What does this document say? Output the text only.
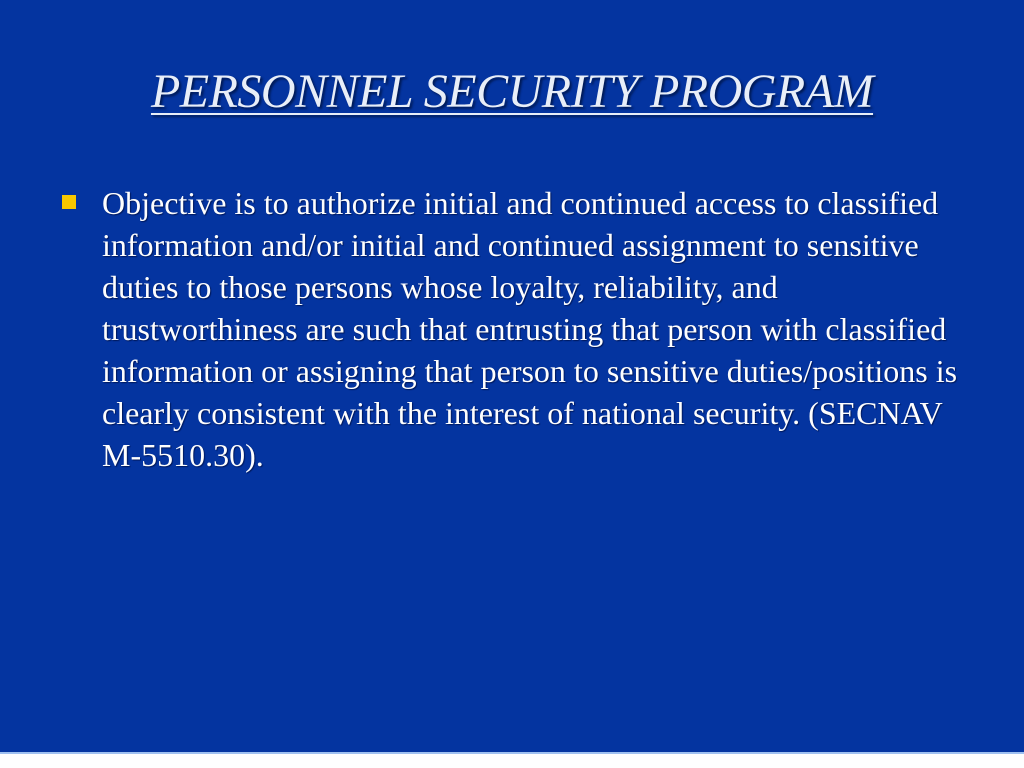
PERSONNEL SECURITY PROGRAM
Objective is to authorize initial and continued access to classified information and/or initial and continued assignment to sensitive duties to those persons whose loyalty, reliability, and trustworthiness are such that entrusting that person with classified information or assigning that person to sensitive duties/positions is clearly consistent with the interest of national security. (SECNAV M-5510.30).
